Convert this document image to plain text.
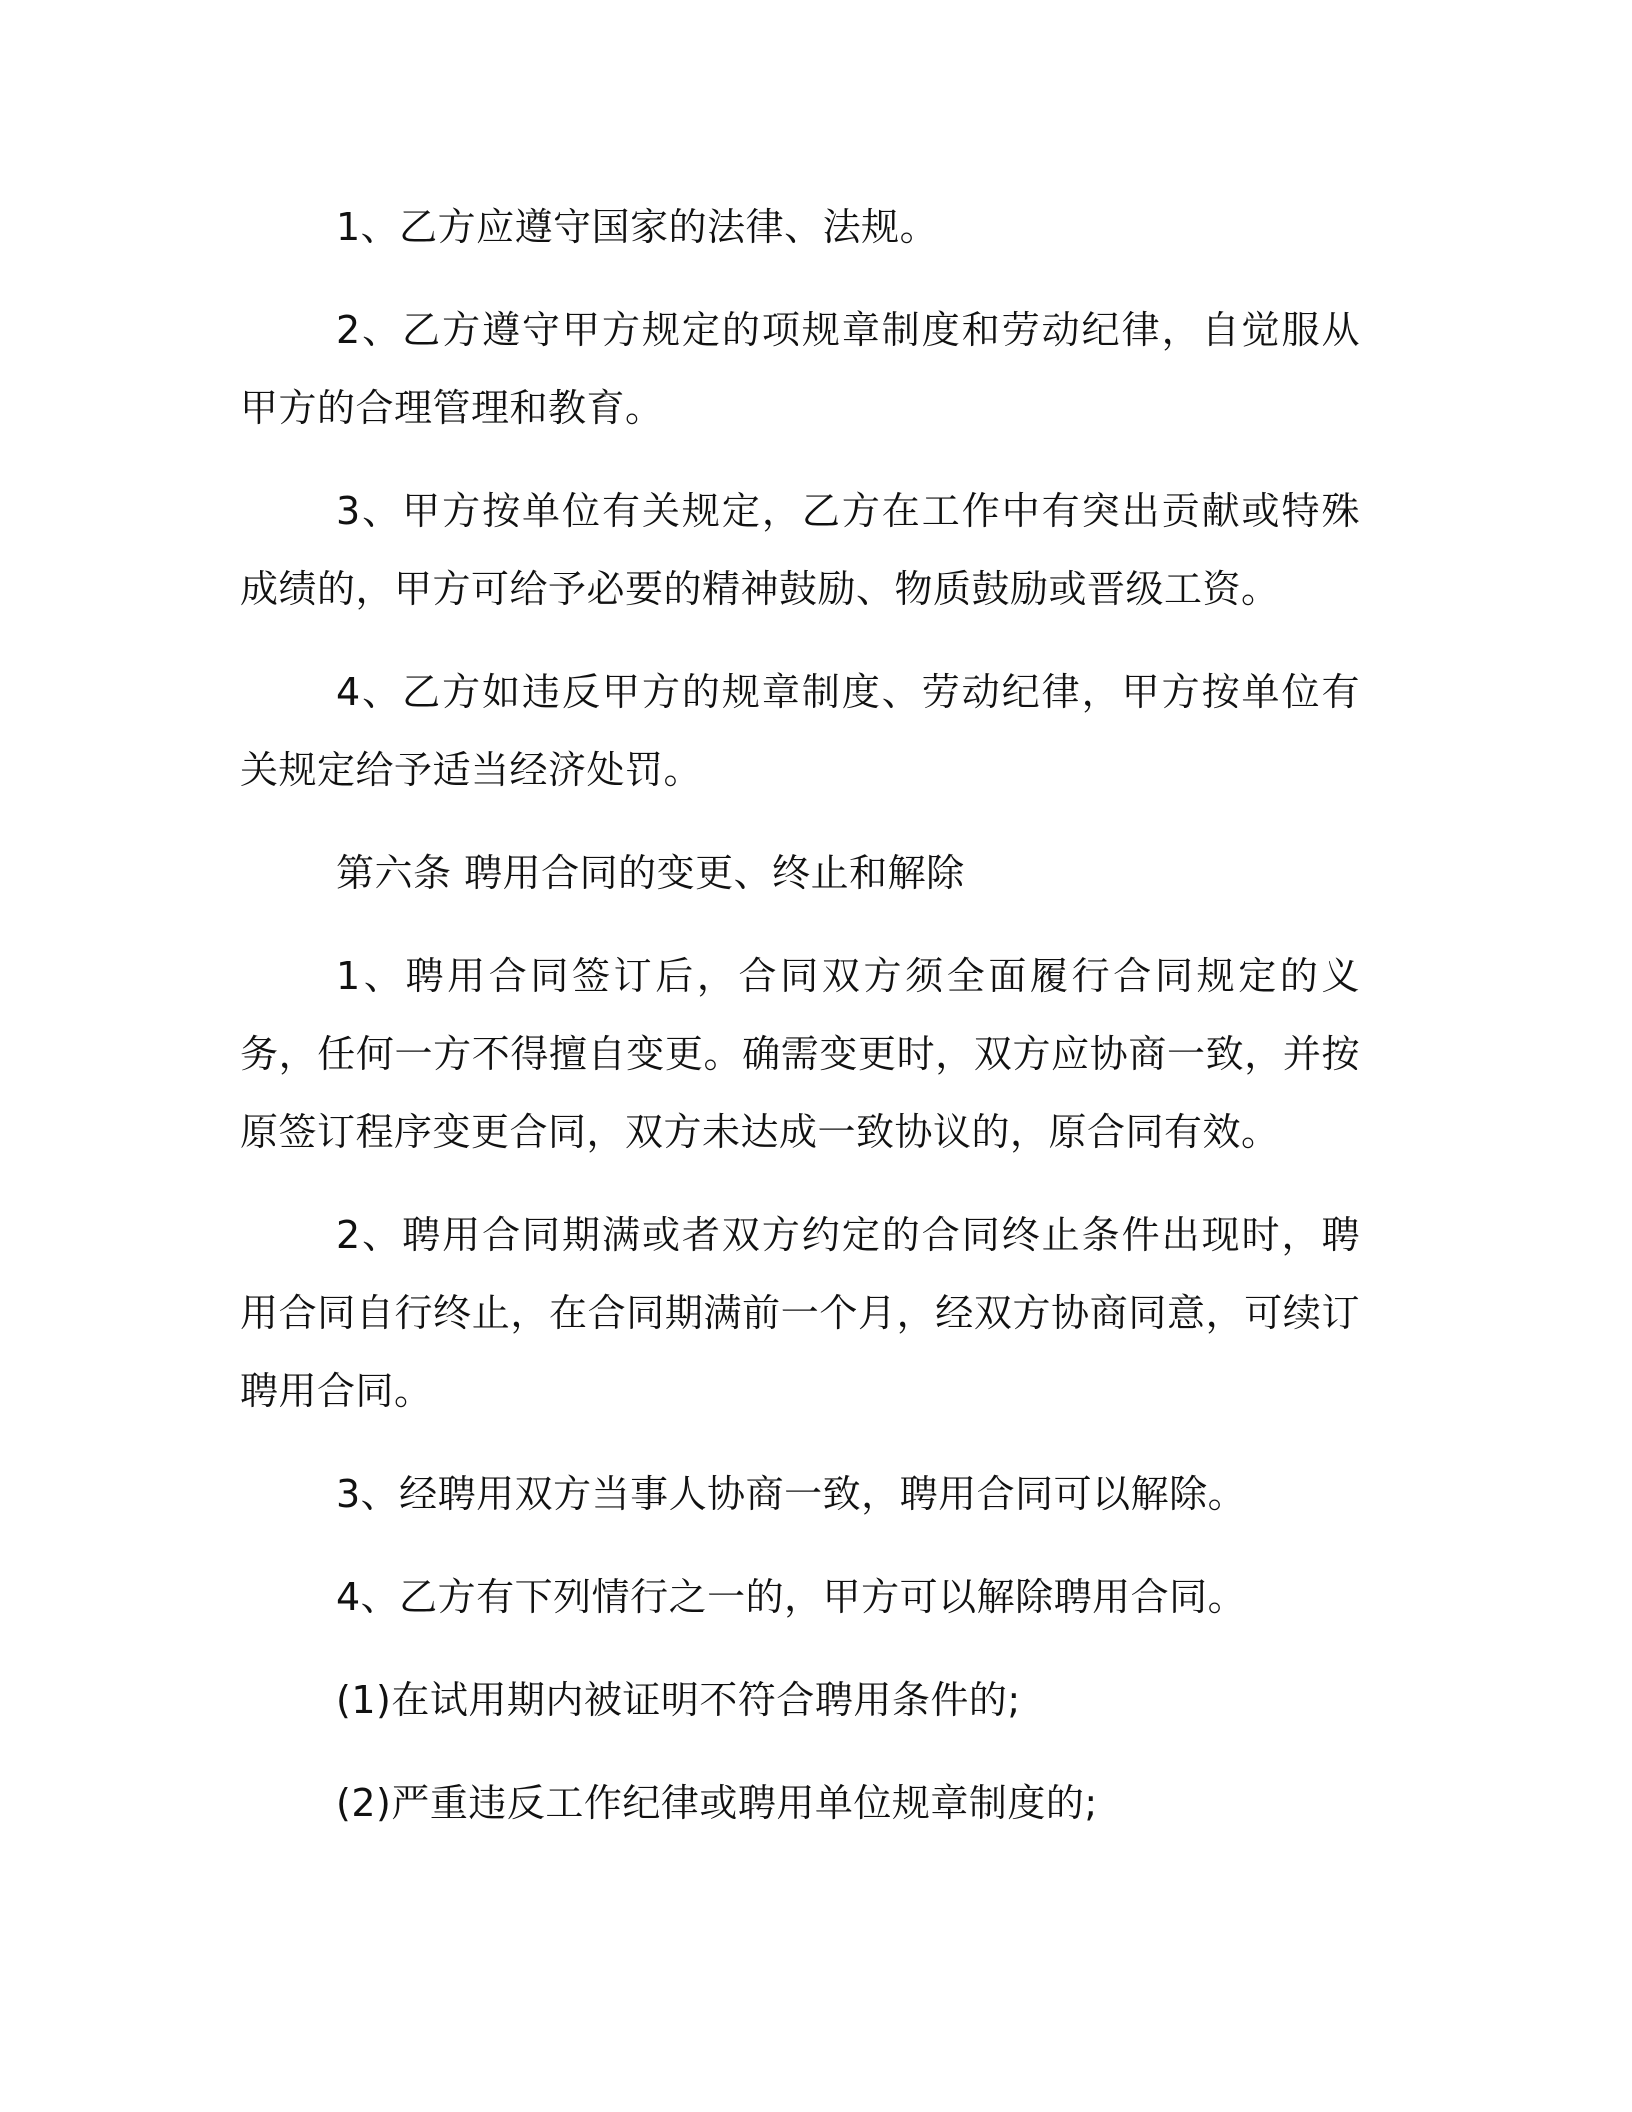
1、乙方应遵守国家的法律、法规。

2、乙方遵守甲方规定的项规章制度和劳动纪律，自觉服从甲方的合理管理和教育。

3、甲方按单位有关规定，乙方在工作中有突出贡献或特殊成绩的，甲方可给予必要的精神鼓励、物质鼓励或晋级工资。

4、乙方如违反甲方的规章制度、劳动纪律，甲方按单位有关规定给予适当经济处罚。

第六条 聘用合同的变更、终止和解除

1、聘用合同签订后，合同双方须全面履行合同规定的义务，任何一方不得擅自变更。确需变更时，双方应协商一致，并按原签订程序变更合同，双方未达成一致协议的，原合同有效。

2、聘用合同期满或者双方约定的合同终止条件出现时，聘用合同自行终止，在合同期满前一个月，经双方协商同意，可续订聘用合同。

3、经聘用双方当事人协商一致，聘用合同可以解除。

4、乙方有下列情行之一的，甲方可以解除聘用合同。

(1)在试用期内被证明不符合聘用条件的;

(2)严重违反工作纪律或聘用单位规章制度的;
